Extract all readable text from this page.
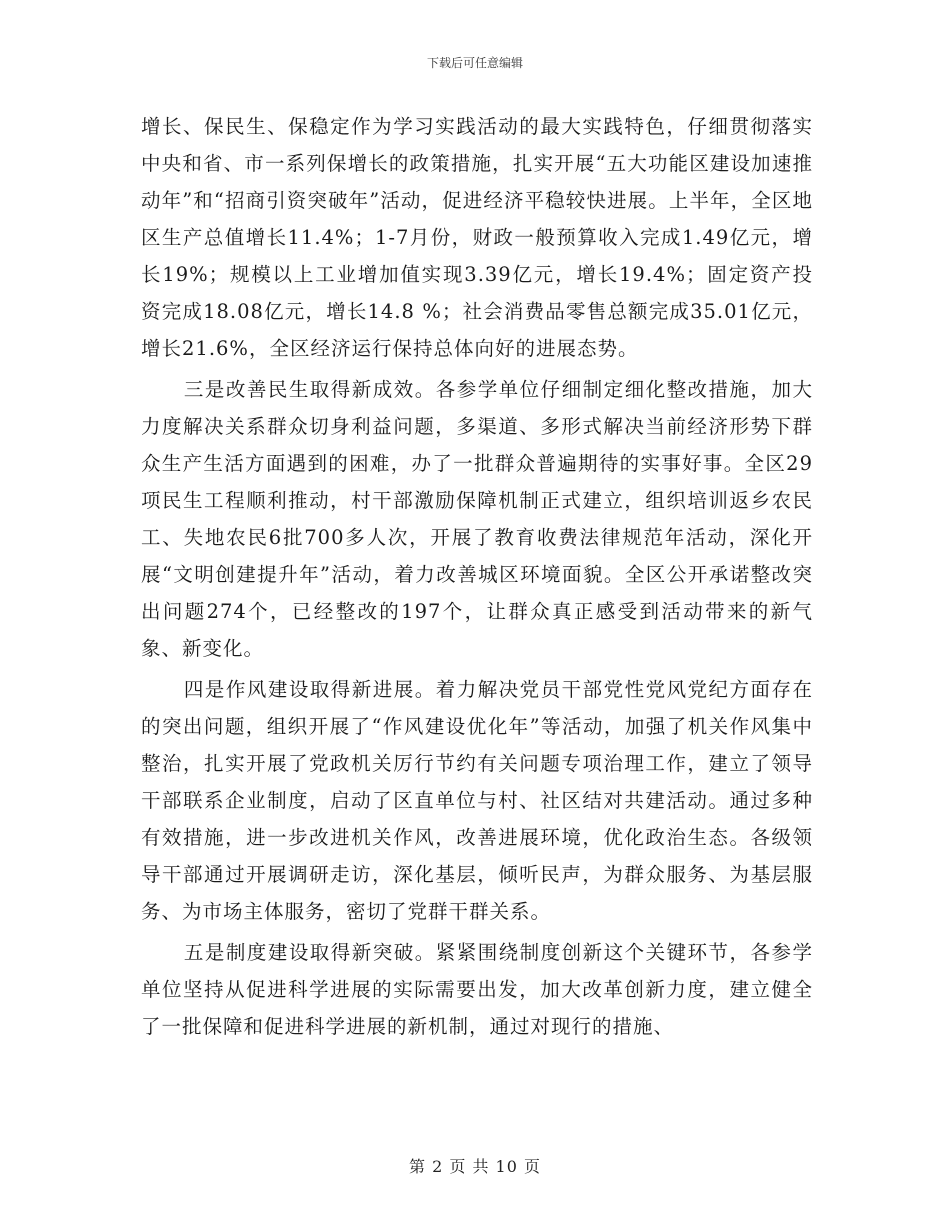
下载后可任意编辑

增长、保民生、保稳定作为学习实践活动的最大实践特色，仔细贯彻落实中央和省、市一系列保增长的政策措施，扎实开展“五大功能区建设加速推动年”和“招商引资突破年”活动，促进经济平稳较快进展。上半年，全区地区生产总值增长11.4%；1-7月份，财政一般预算收入完成1.49亿元，增长19%；规模以上工业增加值实现3.39亿元，增长19.4%；固定资产投资完成18.08亿元，增长14.8 %；社会消费品零售总额完成35.01亿元，增长21.6%，全区经济运行保持总体向好的进展态势。

三是改善民生取得新成效。各参学单位仔细制定细化整改措施，加大力度解决关系群众切身利益问题，多渠道、多形式解决当前经济形势下群众生产生活方面遇到的困难，办了一批群众普遍期待的实事好事。全区29项民生工程顺利推动，村干部激励保障机制正式建立，组织培训返乡农民工、失地农民6批700多人次，开展了教育收费法律规范年活动，深化开展“文明创建提升年”活动，着力改善城区环境面貌。全区公开承诺整改突出问题274个，已经整改的197个，让群众真正感受到活动带来的新气象、新变化。

四是作风建设取得新进展。着力解决党员干部党性党风党纪方面存在的突出问题，组织开展了“作风建设优化年”等活动，加强了机关作风集中整治，扎实开展了党政机关厉行节约有关问题专项治理工作，建立了领导干部联系企业制度，启动了区直单位与村、社区结对共建活动。通过多种有效措施，进一步改进机关作风，改善进展环境，优化政治生态。各级领导干部通过开展调研走访，深化基层，倾听民声，为群众服务、为基层服务、为市场主体服务，密切了党群干群关系。

五是制度建设取得新突破。紧紧围绕制度创新这个关键环节，各参学单位坚持从促进科学进展的实际需要出发，加大改革创新力度，建立健全了一批保障和促进科学进展的新机制，通过对现行的措施、

第 2 页 共 10 页
